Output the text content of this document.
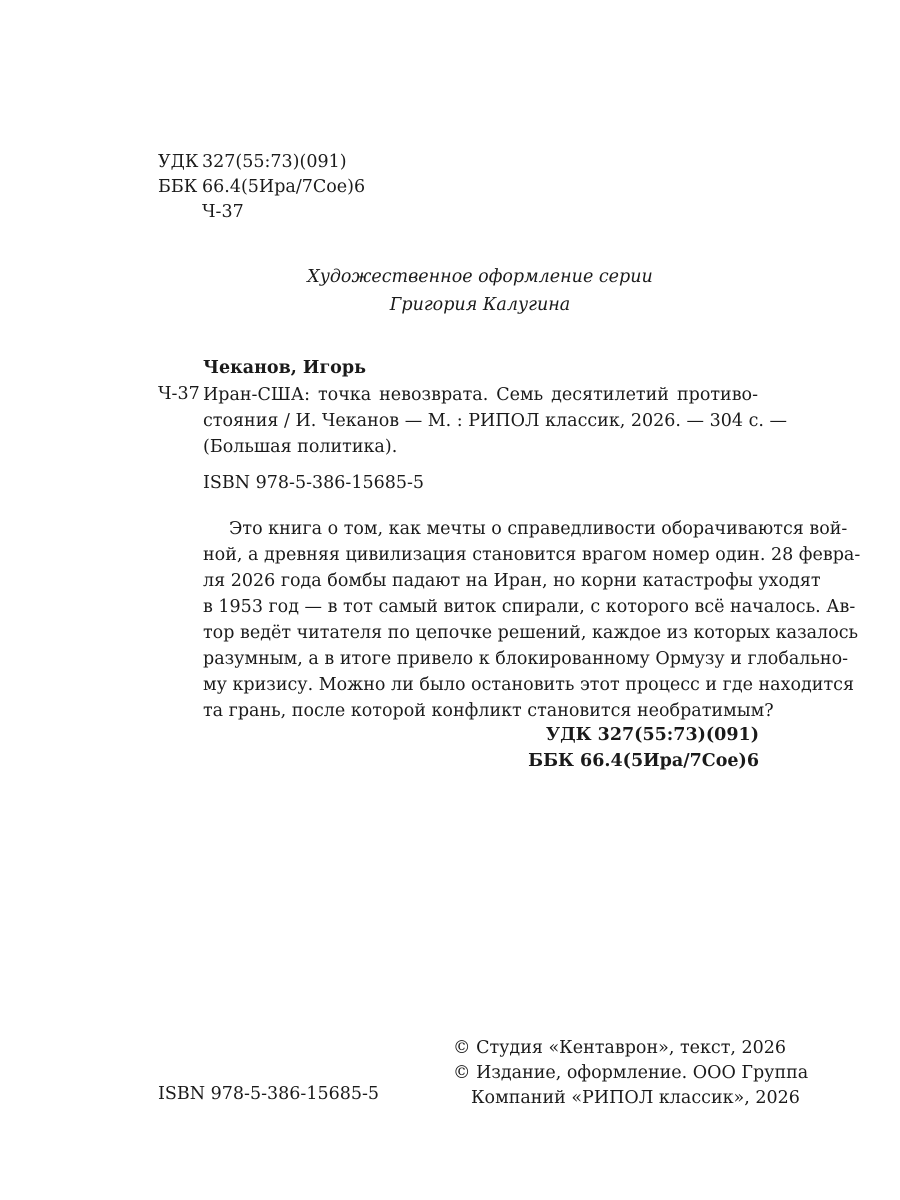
УДК 327(55:73)(091)
ББК 66.4(5Ира/7Сое)6
Ч-37
Художественное оформление серии
Григория Калугина
Чеканов, Игорь
Ч-37 Иран-США: точка невозврата. Семь десятилетий противо-
стояния / И. Чеканов — М. : РИПОЛ классик, 2026. — 304 с. —
(Большая политика).
ISBN 978-5-386-15685-5
Это книга о том, как мечты о справедливости оборачиваются вой-
ной, а древняя цивилизация становится врагом номер один. 28 февра-
ля 2026 года бомбы падают на Иран, но корни катастрофы уходят
в 1953 год — в тот самый виток спирали, с которого всё началось. Ав-
тор ведёт читателя по цепочке решений, каждое из которых казалось
разумным, а в итоге привело к блокированному Ормузу и глобально-
му кризису. Можно ли было остановить этот процесс и где находится
та грань, после которой конфликт становится необратимым?
УДК 327(55:73)(091)
ББК 66.4(5Ира/7Сое)6
© Студия «Кентаврон», текст, 2026
© Издание, оформление. ООО Группа
Компаний «РИПОЛ классик», 2026
ISBN 978-5-386-15685-5
